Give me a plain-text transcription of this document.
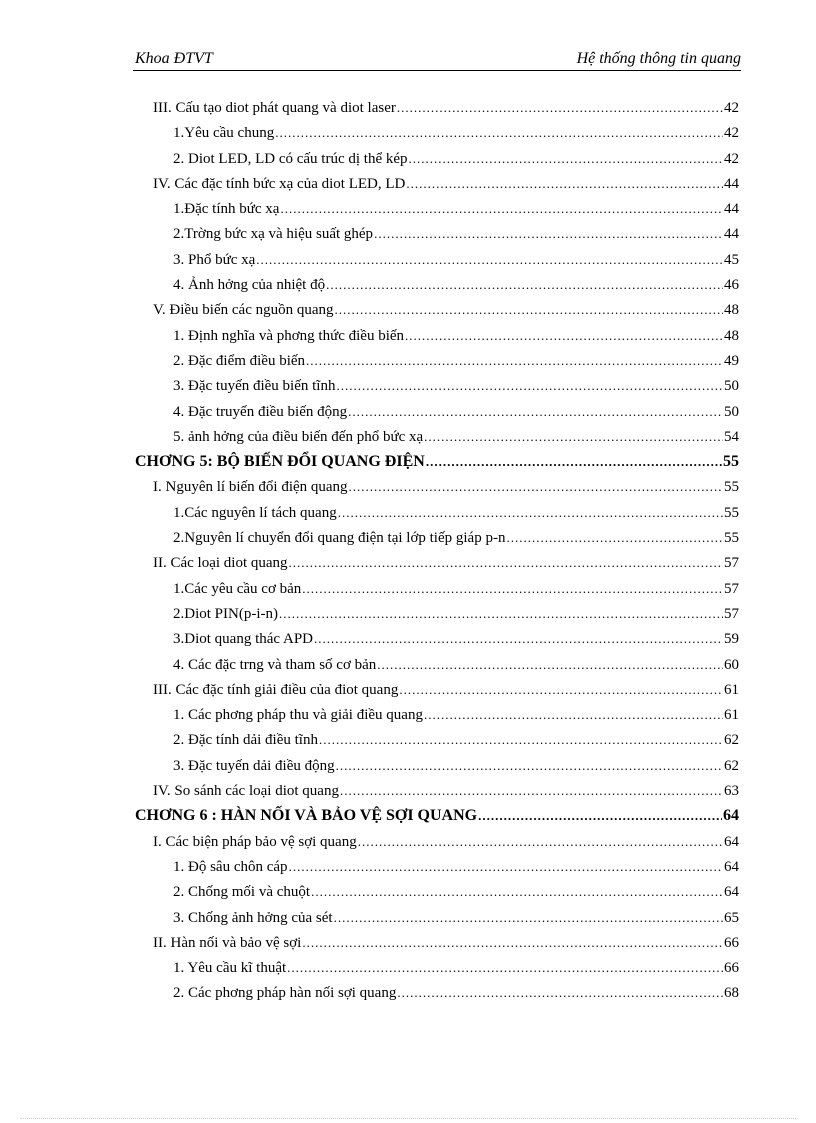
Khoa ĐTVT	Hệ thống thông tin quang
III. Cấu tạo diot phát quang và diot laser .....	42
1.Yêu cầu chung .....	42
2. Diot LED, LD có cấu trúc dị thể kép .....	42
IV. Các đặc tính bức xạ của diot LED, LD .....	44
1.Đặc tính bức xạ .....	44
2.Trờng bức xạ và hiệu suất ghép .....	44
3. Phổ bức xạ .....	45
4. Ảnh hởng của nhiệt độ .....	46
V. Điều biến các nguồn quang .....	48
1. Định nghĩa và phơng thức điều biến .....	48
2. Đặc điểm điều biến .....	49
3. Đặc tuyến điều biến tĩnh .....	50
4. Đặc truyến điều biến động .....	50
5. ảnh hởng của điều biến đến phổ bức xạ .....	54
CHƠNG 5: BỘ BIẾN ĐỔI QUANG ĐIỆN .....	55
I. Nguyên lí biến đổi điện quang .....	55
1.Các nguyên lí tách quang .....	55
2.Nguyên lí chuyển đổi quang điện tại lớp tiếp giáp p-n .....	55
II. Các loại diot quang .....	57
1.Các yêu cầu cơ bản .....	57
2.Diot PIN(p-i-n) .....	57
3.Diot quang thác APD .....	59
4. Các đặc trng và tham số cơ bản .....	60
III. Các đặc tính giải điều của điot quang .....	61
1. Các phơng pháp thu và giải điều quang .....	61
2. Đặc tính dải điều tĩnh .....	62
3. Đặc tuyến dải điều động .....	62
IV. So sánh các loại diot quang .....	63
CHƠNG 6 : HÀN NỐI VÀ BẢO VỆ SỢI QUANG .....	64
I. Các biện pháp bảo vệ sợi quang .....	64
1. Độ sâu chôn cáp .....	64
2. Chống mối và chuột .....	64
3. Chống ảnh hởng của sét .....	65
II. Hàn nối và bảo vệ sợi .....	66
1. Yêu cầu kĩ thuật .....	66
2. Các phơng pháp hàn nối sợi quang .....	68
